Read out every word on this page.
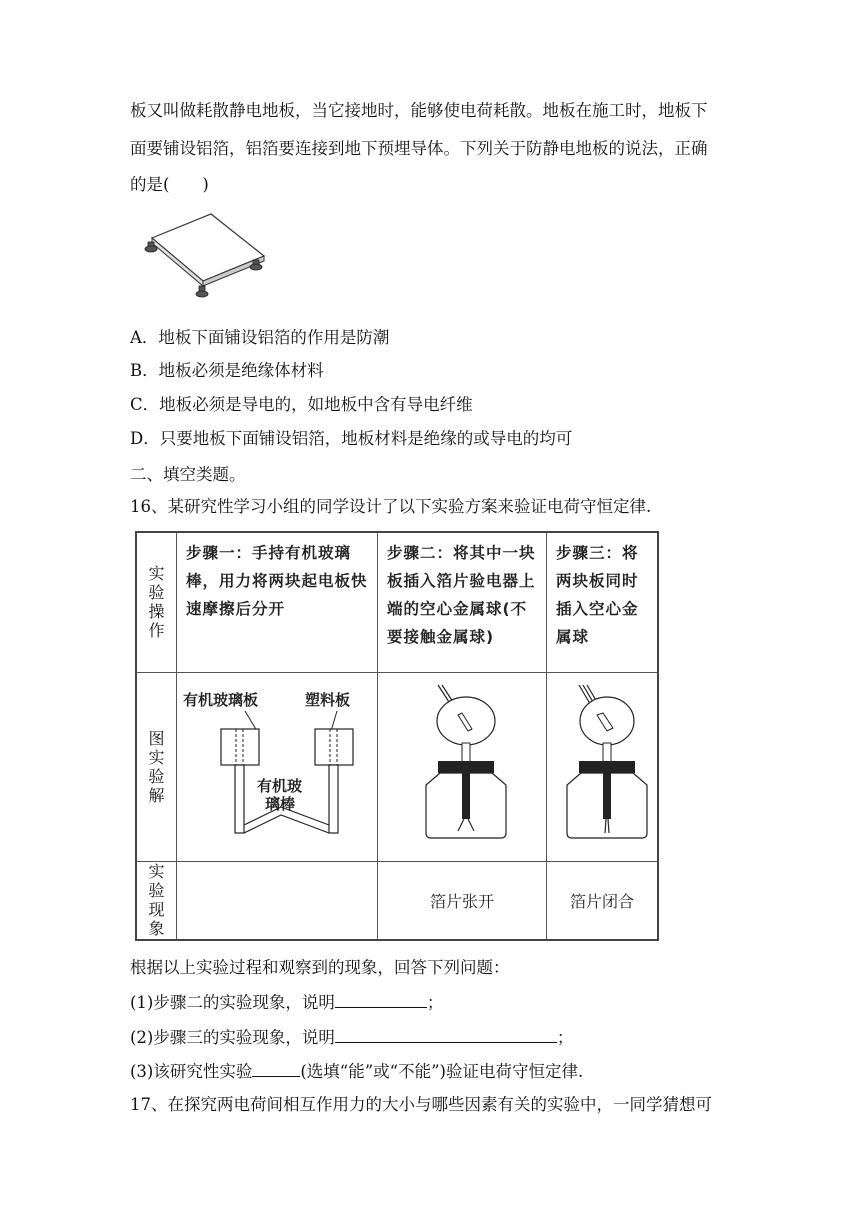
板又叫做耗散静电地板，当它接地时，能够使电荷耗散。地板在施工时，地板下
面要铺设铝箔，铝箔要连接到地下预埋导体。下列关于防静电地板的说法，正确
的是(　　)
A．地板下面铺设铝箔的作用是防潮
B．地板必须是绝缘体材料
C．地板必须是导电的，如地板中含有导电纤维
D．只要地板下面铺设铝箔，地板材料是绝缘的或导电的均可
二、填空类题。
16、某研究性学习小组的同学设计了以下实验方案来验证电荷守恒定律.
实验操作	步骤一：手持有机玻璃棒，用力将两块起电板快速摩擦后分开	步骤二：将其中一块板插入箔片验电器上端的空心金属球(不要接触金属球)	步骤三：将两块板同时插入空心金属球

图实验解	有机玻璃板 塑料板
有机玻
璃棒

实验现象		箔片张开	箔片闭合
根据以上实验过程和观察到的现象，回答下列问题：
(1)步骤二的实验现象，说明	；
(2)步骤三的实验现象，说明	；
(3)该研究性实验	(选填“能”或“不能”)验证电荷守恒定律.
17、在探究两电荷间相互作用力的大小与哪些因素有关的实验中，一同学猜想可
